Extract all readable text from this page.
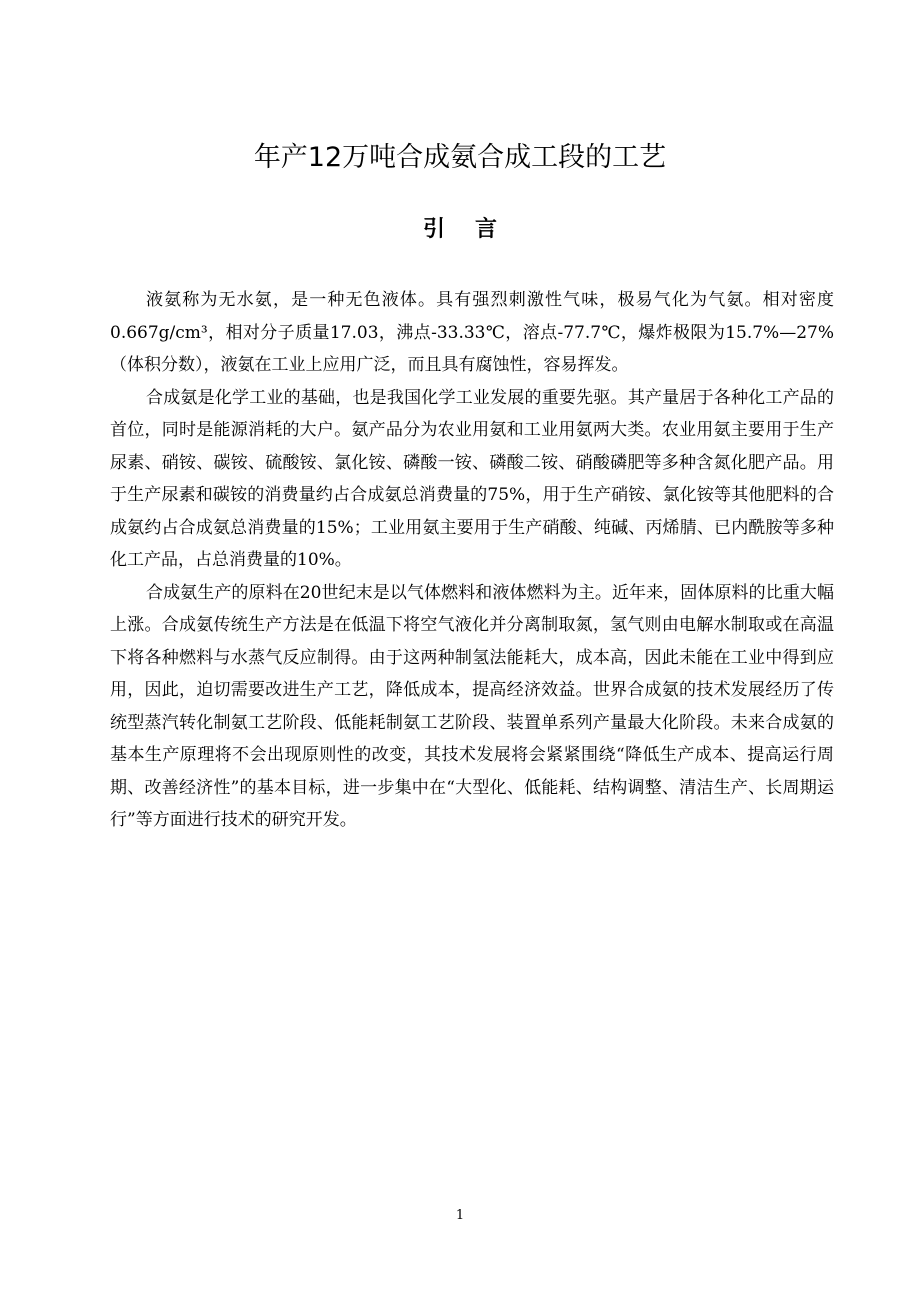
年产12万吨合成氨合成工段的工艺
引言

液氨称为无水氨，是一种无色液体。具有强烈刺激性气味，极易气化为气氨。相对密度0.667g/cm³，相对分子质量17.03，沸点-33.33℃，溶点-77.7℃，爆炸极限为15.7%—27%（体积分数），液氨在工业上应用广泛，而且具有腐蚀性，容易挥发。

合成氨是化学工业的基础，也是我国化学工业发展的重要先驱。其产量居于各种化工产品的首位，同时是能源消耗的大户。氨产品分为农业用氨和工业用氨两大类。农业用氨主要用于生产尿素、硝铵、碳铵、硫酸铵、氯化铵、磷酸一铵、磷酸二铵、硝酸磷肥等多种含氮化肥产品。用于生产尿素和碳铵的消费量约占合成氨总消费量的75%，用于生产硝铵、氯化铵等其他肥料的合成氨约占合成氨总消费量的15%；工业用氨主要用于生产硝酸、纯碱、丙烯腈、已内酰胺等多种化工产品，占总消费量的10%。

合成氨生产的原料在20世纪末是以气体燃料和液体燃料为主。近年来，固体原料的比重大幅上涨。合成氨传统生产方法是在低温下将空气液化并分离制取氮，氢气则由电解水制取或在高温下将各种燃料与水蒸气反应制得。由于这两种制氢法能耗大，成本高，因此未能在工业中得到应用，因此，迫切需要改进生产工艺，降低成本，提高经济效益。世界合成氨的技术发展经历了传统型蒸汽转化制氨工艺阶段、低能耗制氨工艺阶段、装置单系列产量最大化阶段。未来合成氨的基本生产原理将不会出现原则性的改变，其技术发展将会紧紧围绕“降低生产成本、提高运行周期、改善经济性”的基本目标，进一步集中在“大型化、低能耗、结构调整、清洁生产、长周期运行”等方面进行技术的研究开发。

1
